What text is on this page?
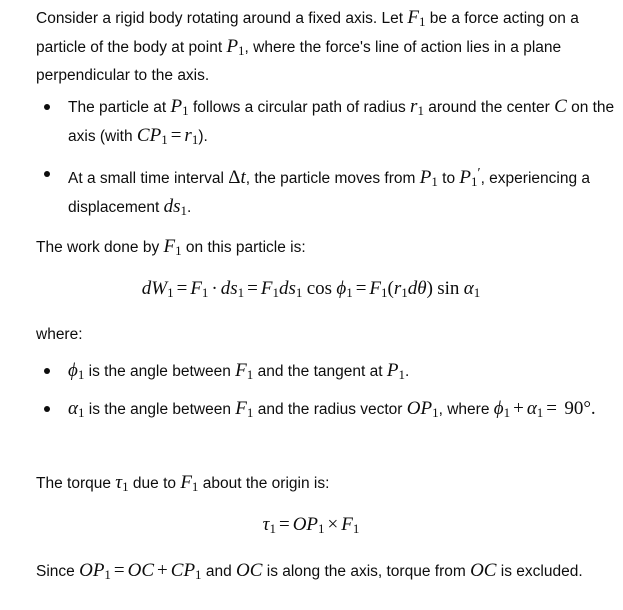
Consider a rigid body rotating around a fixed axis. Let $F_1$ be a force acting on a particle of the body at point $P_1$, where the force's line of action lies in a plane perpendicular to the axis.

The particle at $P_1$ follows a circular path of radius $r_1$ around the center C on the axis (with $CP_1 = r_1$).
At a small time interval Δt, the particle moves from $P_1$ to $P_1'$, experiencing a displacement $ds_1$.

The work done by $F_1$ on this particle is:

$dW_1 = F_1 \cdot ds_1 = F_1ds_1$ $\cos \phi_1 = F_1(r_1d\theta)$ $\sin \alpha_1$

where:

$\phi_1$ is the angle between $F_1$ and the tangent at $P_1$.
$\alpha_1$ is the angle between $F_1$ and the radius vector $OP_1$, where $\phi_1 + \alpha_1 = 90^\circ$.

The torque $\tau_1$ due to $F_1$ about the origin is:

$\tau_1 = OP_1 \times F_1$

Since $OP_1$ = OC + $CP_1$ and OC is along the axis, torque from OC is excluded.
